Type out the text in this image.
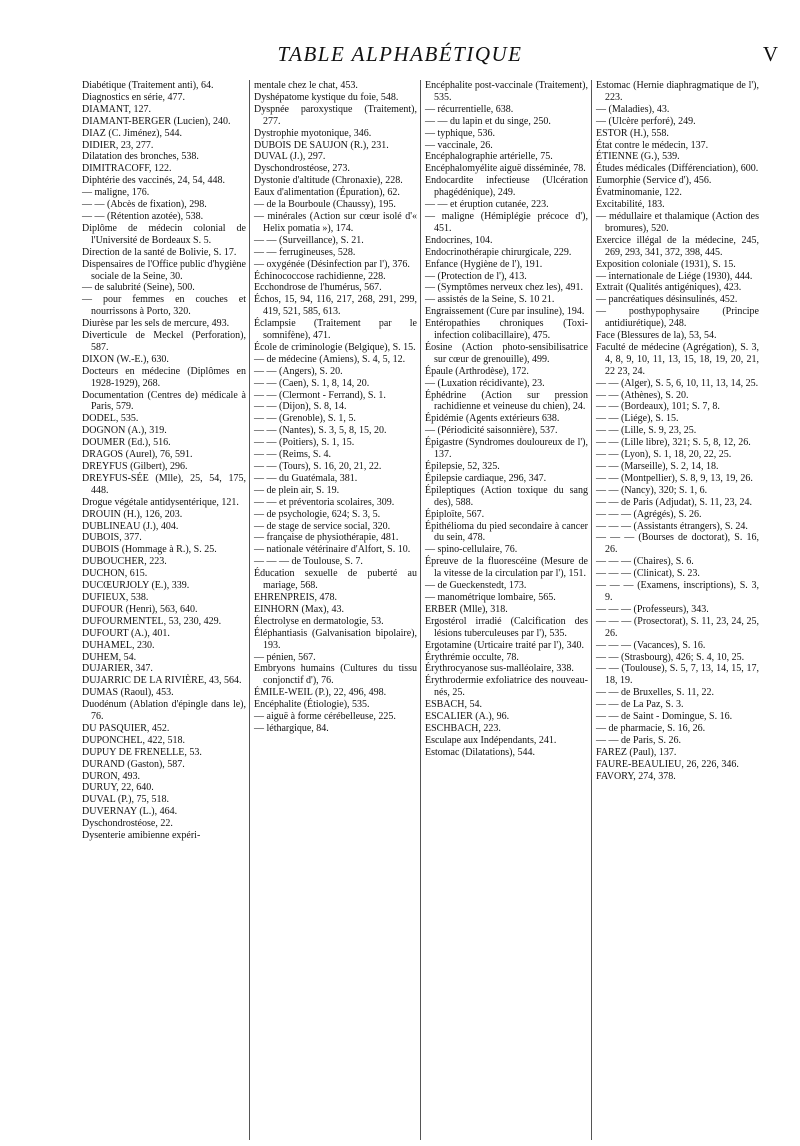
TABLE ALPHABÉTIQUE	V

Diabétique (Traitement anti), 64.

Diagnostics en série, 477.

DIAMANT, 127.

DIAMANT-BERGER (Lucien), 240.

DIAZ (C. Jiménez), 544.

DIDIER, 23, 277.

Dilatation des bronches, 538.

DIMITRACOFF, 122.

Diphtérie des vaccinés, 24, 54, 448.

— maligne, 176.

— — (Abcès de fixation), 298.

— — (Rétention azotée), 538.

Diplôme de médecin colonial de l'Université de Bordeaux S. 5.

Direction de la santé de Bolivie, S. 17.

Dispensaires de l'Office public d'hygiène sociale de la Seine, 30.

— de salubrité (Seine), 500.

— pour femmes en couches et nourrissons à Porto, 320.

Diurèse par les sels de mercure, 493.

Diverticule de Meckel (Perforation), 587.

DIXON (W.-E.), 630.

Docteurs en médecine (Diplômes en 1928-1929), 268.

Documentation (Centres de) médicale à Paris, 579.

DODEL, 535.

DOGNON (A.), 319.

DOUMER (Ed.), 516.

DRAGOS (Aurel), 76, 591.

DREYFUS (Gilbert), 296.

DREYFUS-SÉE (Mlle), 25, 54, 175, 448.

Drogue végétale antidysentérique, 121.

DROUIN (H.), 126, 203.

DUBLINEAU (J.), 404.

DUBOIS, 377.

DUBOIS (Hommage à R.), S. 25.

DUBOUCHER, 223.

DUCHON, 615.

DUCŒURJOLY (E.), 339.

DUFIEUX, 538.

DUFOUR (Henri), 563, 640.

DUFOURMENTEL, 53, 230, 429.

DUFOURT (A.), 401.

DUHAMEL, 230.

DUHEM, 54.

DUJARIER, 347.

DUJARRIC DE LA RIVIÈRE, 43, 564.

DUMAS (Raoul), 453.

Duodénum (Ablation d'épingle dans le), 76.

DU PASQUIER, 452.

DUPONCHEL, 422, 518.

DUPUY DE FRENELLE, 53.

DURAND (Gaston), 587.

DURON, 493.

DURUY, 22, 640.

DUVAL (P.), 75, 518.

DUVERNAY (L.), 464.

Dyschondrostéose, 22.

Dysenterie amibienne expéri-

mentale chez le chat, 453.

Dyshépatome kystique du foie, 548.

Dyspnée paroxystique (Traitement), 277.

Dystrophie myotonique, 346.

DUBOIS DE SAUJON (R.), 231.

DUVAL (J.), 297.

Dyschondrostéose, 273.

Dystonie d'altitude (Chronaxie), 228.

Eaux d'alimentation (Épuration), 62.

— de la Bourboule (Chaussy), 195.

— minérales (Action sur cœur isolé d'« Helix pomatia »), 174.

— — (Surveillance), S. 21.

— — ferrugineuses, 528.

— oxygénée (Désinfection par l'), 376.

Échinococcose rachidienne, 228.

Ecchondrose de l'humérus, 567.

Échos, 15, 94, 116, 217, 268, 291, 299, 419, 521, 585, 613.

Éclampsie (Traitement par le somnifène), 471.

École de criminologie (Belgique), S. 15.

— de médecine (Amiens), S. 4, 5, 12.

— — (Angers), S. 20.

— — (Caen), S. 1, 8, 14, 20.

— — (Clermont - Ferrand), S. 1.

— — (Dijon), S. 8, 14.

— — (Grenoble), S. 1, 5.

— — (Nantes), S. 3, 5, 8, 15, 20.

— — (Poitiers), S. 1, 15.

— — (Reims, S. 4.

— — (Tours), S. 16, 20, 21, 22.

— — du Guatémala, 381.

— de plein air, S. 19.

— — et préventoria scolaires, 309.

— de psychologie, 624; S. 3, 5.

— de stage de service social, 320.

— française de physiothérapie, 481.

— nationale vétérinaire d'Alfort, S. 10.

— — — de Toulouse, S. 7.

Éducation sexuelle de puberté au mariage, 568.

EHRENPREIS, 478.

EINHORN (Max), 43.

Électrolyse en dermatologie, 53.

Éléphantiasis (Galvanisation bipolaire), 193.

— pénien, 567.

Embryons humains (Cultures du tissu conjonctif d'), 76.

ÉMILE-WEIL (P.), 22, 496, 498.

Encéphalite (Étiologie), 535.

— aiguë à forme cérébelleuse, 225.

— léthargique, 84.

Encéphalite post-vaccinale (Traitement), 535.

— récurrentielle, 638.

— — du lapin et du singe, 250.

— typhique, 536.

— vaccinale, 26.

Encéphalographie artérielle, 75.

Encéphalomyélite aiguë disséminée, 78.

Endocardite infectieuse (Ulcération phagédénique), 249.

— — et éruption cutanée, 223.

— maligne (Hémiplégie précoce d'), 451.

Endocrines, 104.

Endocrinothérapie chirurgicale, 229.

Enfance (Hygiène de l'), 191.

— (Protection de l'), 413.

— (Symptômes nerveux chez les), 491.

— assistés de la Seine, S. 10 21.

Engraissement (Cure par insuline), 194.

Entéropathies chroniques (Toxi-infection colibacillaire), 475.

Éosine (Action photo-sensibilisatrice sur cœur de grenouille), 499.

Épaule (Arthrodèse), 172.

— (Luxation récidivante), 23.

Éphédrine (Action sur pression rachidienne et veineuse du chien), 24.

Épidémie (Agents extérieurs 638.

— (Périodicité saisonnière), 537.

Épigastre (Syndromes douloureux de l'), 137.

Épilepsie, 52, 325.

Épilepsie cardiaque, 296, 347.

Épileptiques (Action toxique du sang des), 588.

Épiploïte, 567.

Épithélioma du pied secondaire à cancer du sein, 478.

— spino-cellulaire, 76.

Épreuve de la fluorescéine (Mesure de la vitesse de la circulation par l'), 151.

— de Gueckenstedt, 173.

— manométrique lombaire, 565.

ERBER (Mlle), 318.

Ergostérol irradié (Calcification des lésions tuberculeuses par l'), 535.

Ergotamine (Urticaire traité par l'), 340.

Érythrémie occulte, 78.

Érythrocyanose sus-malléolaire, 338.

Érythrodermie exfoliatrice des nouveau-nés, 25.

ESBACH, 54.

ESCALIER (A.), 96.

ESCHBACH, 223.

Esculape aux Indépendants, 241.

Estomac (Dilatations), 544.

Estomac (Hernie diaphragmatique de l'), 223.

— (Maladies), 43.

— (Ulcère perforé), 249.

ESTOR (H.), 558.

État contre le médecin, 137.

ÉTIENNE (G.), 539.

Études médicales (Différenciation), 600.

Eumorphie (Service d'), 456.

Évatminomanie, 122.

Excitabilité, 183.

— médullaire et thalamique (Action des bromures), 520.

Exercice illégal de la médecine, 245, 269, 293, 341, 372, 398, 445.

Exposition coloniale (1931), S. 15.

— internationale de Liége (1930), 444.

Extrait (Qualités antigéniques), 423.

— pancréatiques désinsulinés, 452.

— posthypophysaire (Principe antidiurétique), 248.

Face (Blessures de la), 53, 54.

Faculté de médecine (Agrégation), S. 3, 4, 8, 9, 10, 11, 13, 15, 18, 19, 20, 21, 22 23, 24.

— — (Alger), S. 5, 6, 10, 11, 13, 14, 25.

— — (Athènes), S. 20.

— — (Bordeaux), 101; S. 7, 8.

— — (Liége), S. 15.

— — (Lille, S. 9, 23, 25.

— — (Lille libre), 321; S. 5, 8, 12, 26.

— — (Lyon), S. 1, 18, 20, 22, 25.

— — (Marseille), S. 2, 14, 18.

— — (Montpellier), S. 8, 9, 13, 19, 26.

— — (Nancy), 320; S. 1, 6.

— — de Paris (Adjudat), S. 11, 23, 24.

— — — (Agrégés), S. 26.

— — — (Assistants étrangers), S. 24.

— — — (Bourses de doctorat), S. 16, 26.

— — — (Chaires), S. 6.

— — — (Clinicat), S. 23.

— — — (Examens, inscriptions), S. 3, 9.

— — — (Professeurs), 343.

— — — (Prosectorat), S. 11, 23, 24, 25, 26.

— — — (Vacances), S. 16.

— — (Strasbourg), 426; S. 4, 10, 25.

— — (Toulouse), S. 5, 7, 13, 14, 15, 17, 18, 19.

— — de Bruxelles, S. 11, 22.

— — de La Paz, S. 3.

— — de Saint - Domingue, S. 16.

— de pharmacie, S. 16, 26.

— — de Paris, S. 26.

FAREZ (Paul), 137.

FAURE-BEAULIEU, 26, 226, 346.

FAVORY, 274, 378.
